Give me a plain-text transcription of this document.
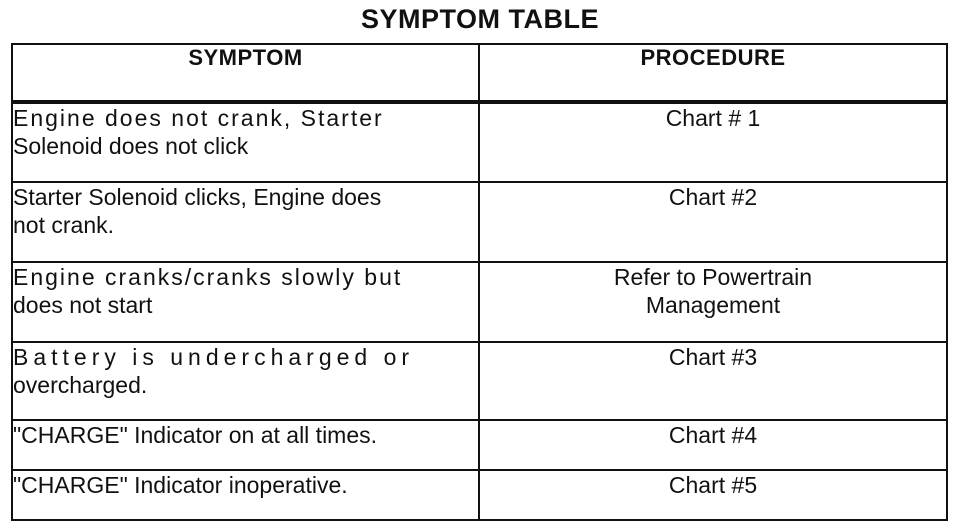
SYMPTOM TABLE
SYMPTOM	PROCEDURE
Engine does not crank, Starter
Solenoid does not click	Chart # 1
Starter Solenoid clicks, Engine does
not crank.	Chart #2
Engine cranks/cranks slowly but
does not start	Refer to Powertrain
Management
Battery is undercharged or
overcharged.	Chart #3
"CHARGE" Indicator on at all times.	Chart #4
"CHARGE" Indicator inoperative.	Chart #5
